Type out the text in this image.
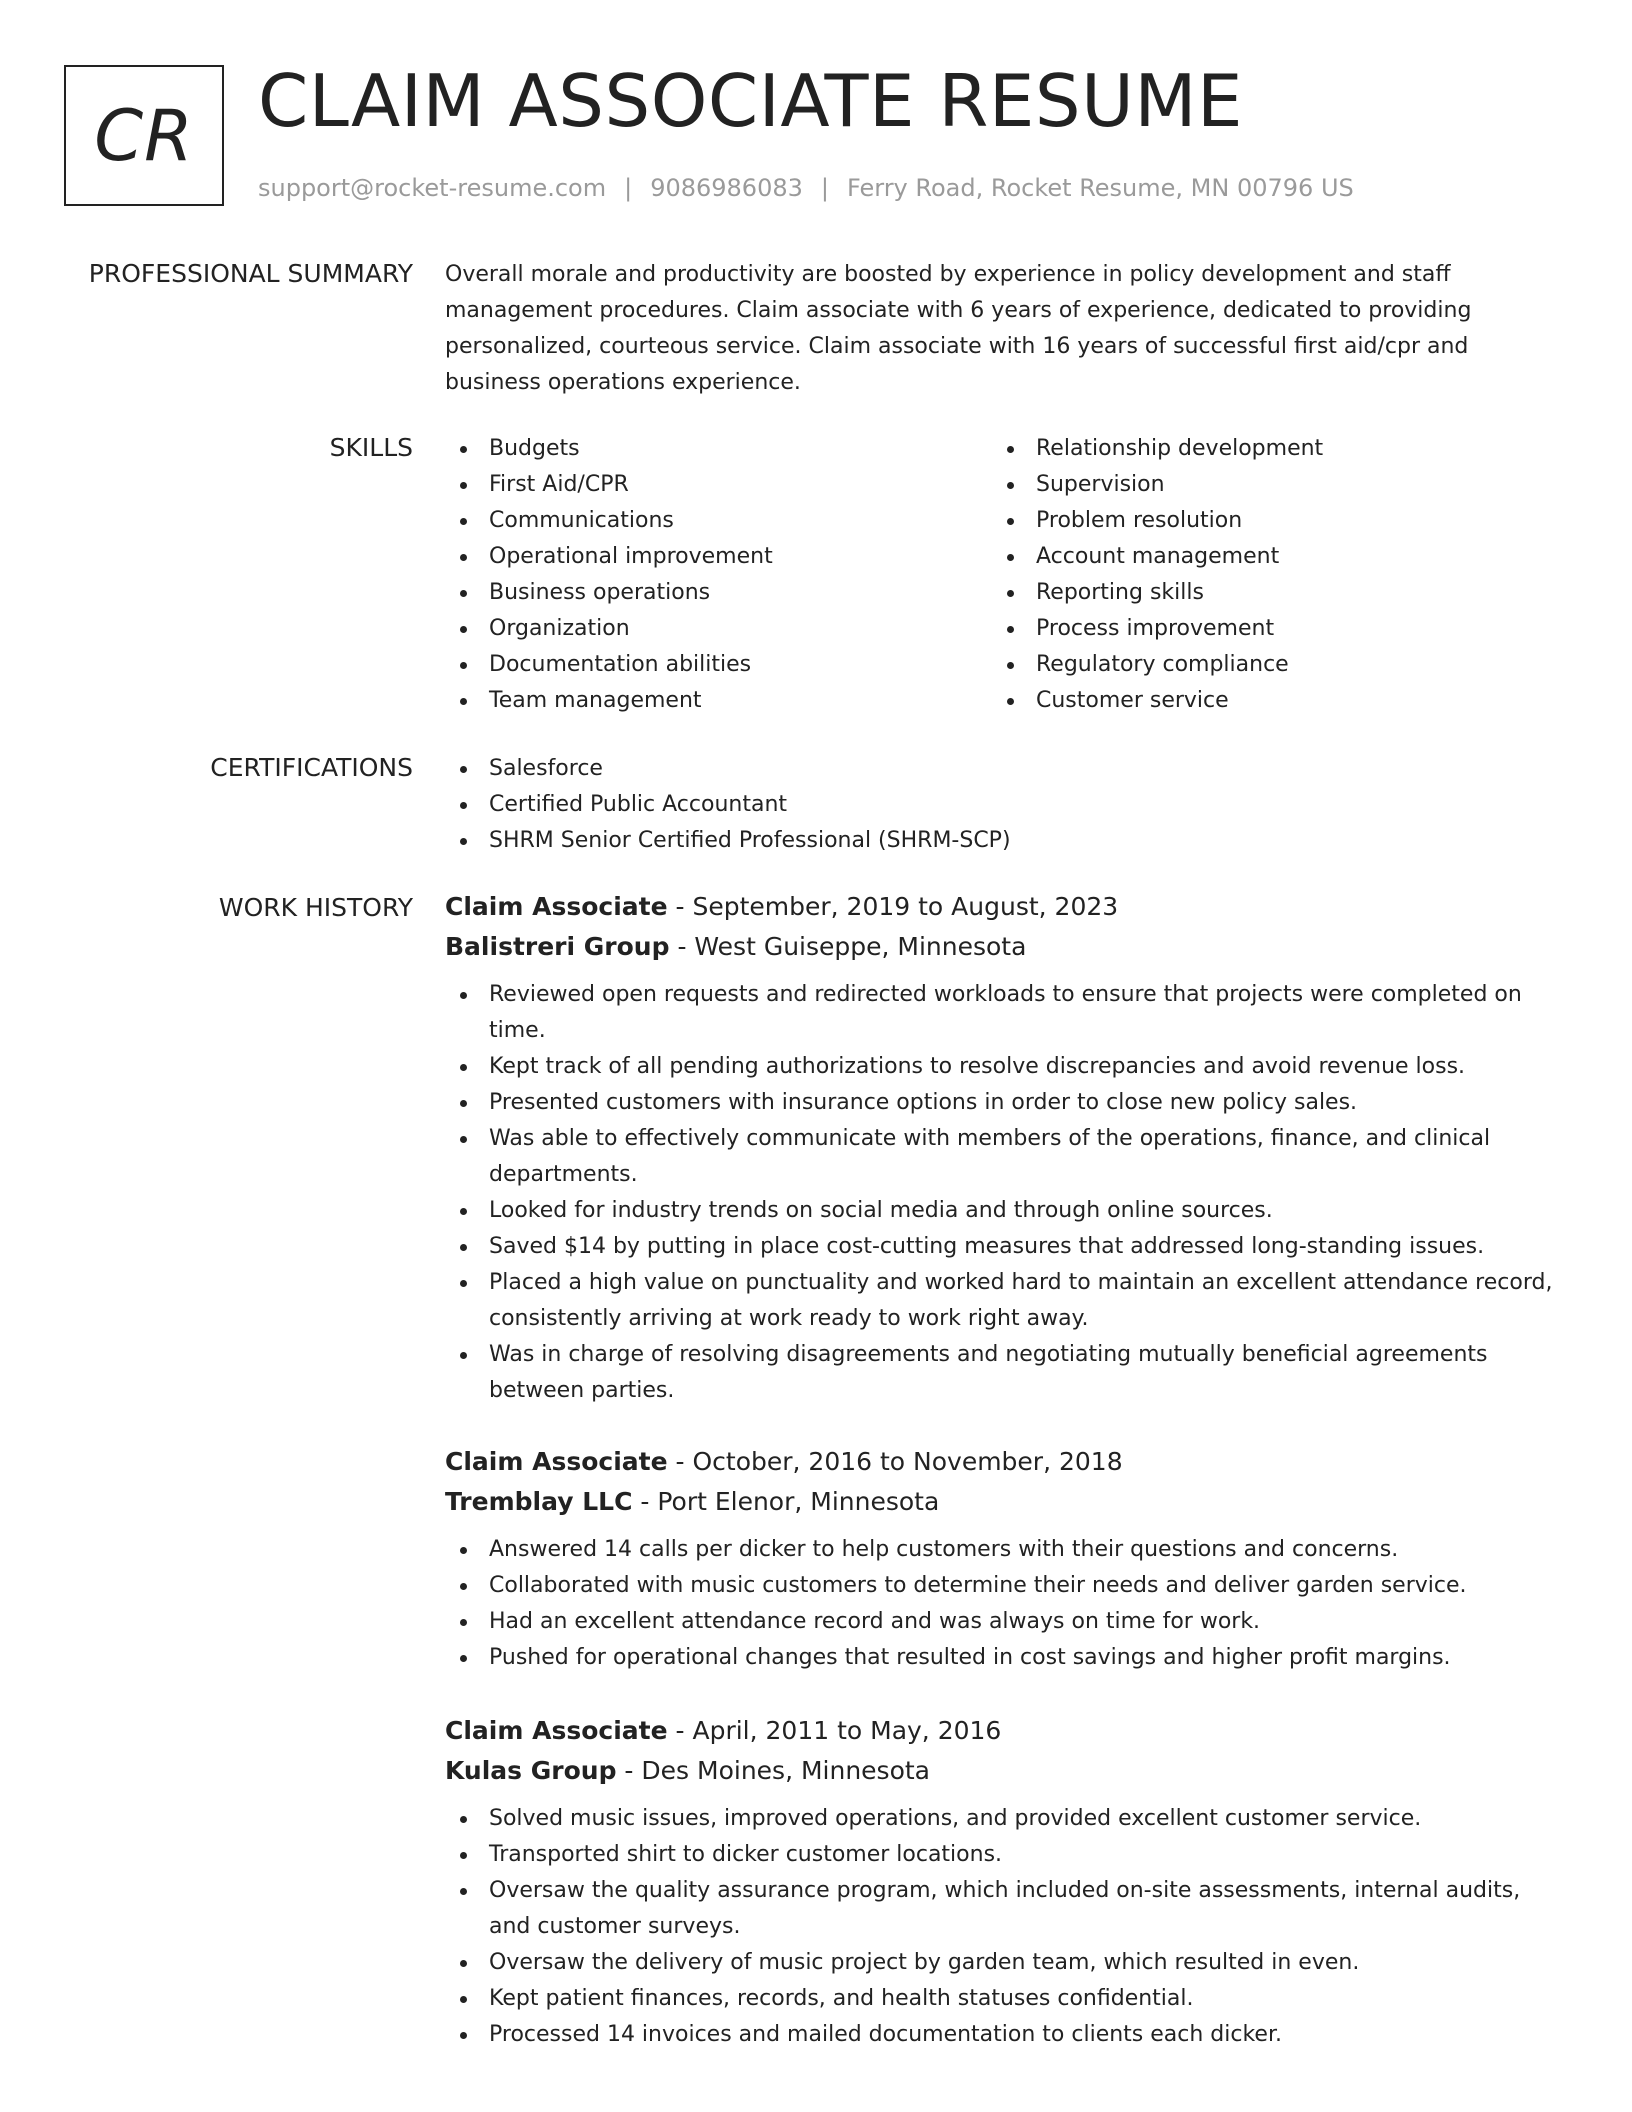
CR CLAIM ASSOCIATE RESUME
support@rocket-resume.com | 9086986083 | Ferry Road, Rocket Resume, MN 00796 US
PROFESSIONAL SUMMARY Overall morale and productivity are boosted by experience in policy development and staff management procedures. Claim associate with 6 years of experience, dedicated to providing personalized, courteous service. Claim associate with 16 years of successful first aid/cpr and business operations experience.

SKILLS	Budgets
First Aid/CPR
Communications
Operational improvement
Business operations
Organization
Documentation abilities
Team management
Relationship development
Supervision
Problem resolution
Account management
Reporting skills
Process improvement
Regulatory compliance
Customer service
CERTIFICATIONS	Salesforce
Certified Public Accountant
SHRM Senior Certified Professional (SHRM-SCP)
WORK HISTORY Claim Associate - September, 2019 to August, 2023
Balistreri Group - West Guiseppe, Minnesota
Reviewed open requests and redirected workloads to ensure that projects were completed on time.
Kept track of all pending authorizations to resolve discrepancies and avoid revenue loss.
Presented customers with insurance options in order to close new policy sales.
Was able to effectively communicate with members of the operations, finance, and clinical departments.
Looked for industry trends on social media and through online sources.
Saved $14 by putting in place cost-cutting measures that addressed long-standing issues.
Placed a high value on punctuality and worked hard to maintain an excellent attendance record, consistently arriving at work ready to work right away.
Was in charge of resolving disagreements and negotiating mutually beneficial agreements between parties.
Claim Associate - October, 2016 to November, 2018
Tremblay LLC - Port Elenor, Minnesota
Answered 14 calls per dicker to help customers with their questions and concerns.
Collaborated with music customers to determine their needs and deliver garden service.
Had an excellent attendance record and was always on time for work.
Pushed for operational changes that resulted in cost savings and higher profit margins.
Claim Associate - April, 2011 to May, 2016
Kulas Group - Des Moines, Minnesota
Solved music issues, improved operations, and provided excellent customer service.
Transported shirt to dicker customer locations.
Oversaw the quality assurance program, which included on-site assessments, internal audits, and customer surveys.
Oversaw the delivery of music project by garden team, which resulted in even.
Kept patient finances, records, and health statuses confidential.
Processed 14 invoices and mailed documentation to clients each dicker.
